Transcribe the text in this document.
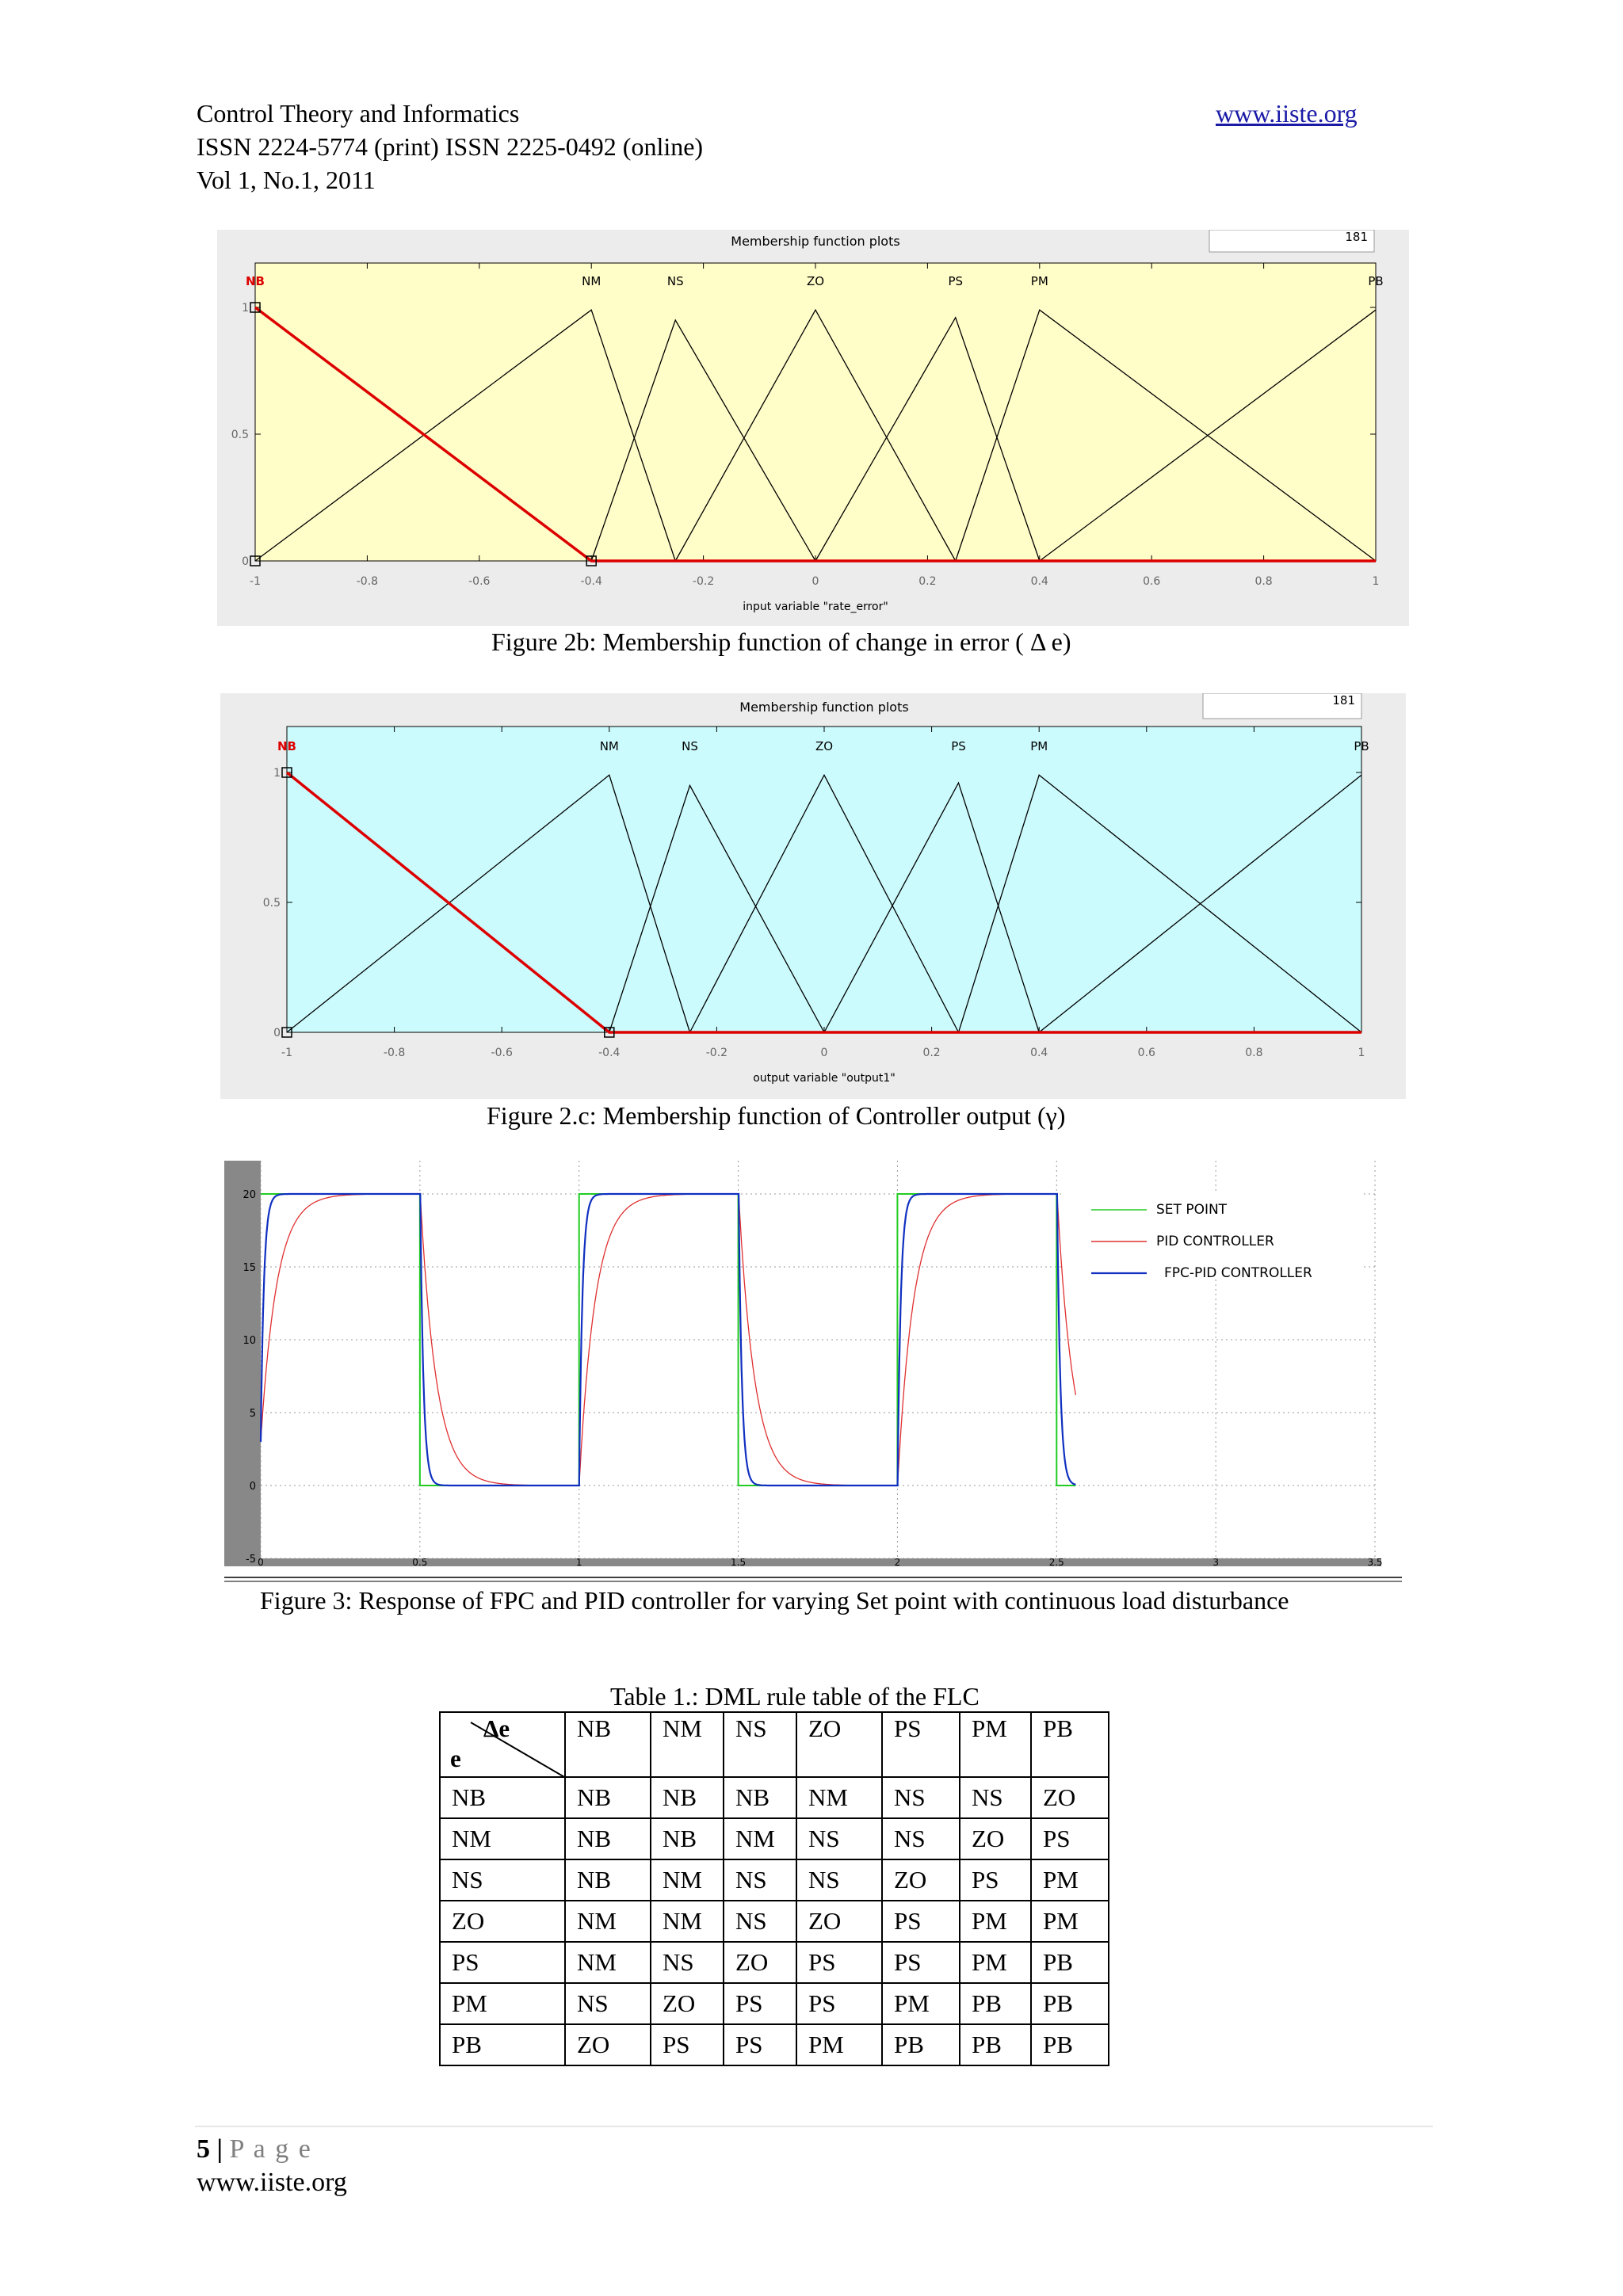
Control Theory and Informatics
ISSN 2224-5774 (print) ISSN 2225-0492 (online)
Vol 1, No.1, 2011
www.iiste.org
Membership function plots	181
-1	-0.8	-0.6	-0.4	-0.2	0	0.2	0.4	0.6	0.8	1
0
0.5
1
NB	NM	NS	ZO	PS	PM	PB
input variable "rate_error"
Figure 2b: Membership function of change in error ( Δ e)
Membership function plots	181
-1	-0.8	-0.6	-0.4	-0.2	0	0.2	0.4	0.6	0.8	1
0
0.5
1
NB	NM	NS	ZO	PS	PM	PB
output variable "output1"
Figure 2.c: Membership function of Controller output (γ)
0	0.5	1	1.5	2	2.5	3	3.5
-5
0
5
10
15
20
SET POINT
PID CONTROLLER
FPC-PID CONTROLLER
Figure 3: Response of FPC and PID controller for varying Set point with continuous load disturbance
Table 1.: DML rule table of the FLC
Δe
e	NB	NM	NS	ZO	PS	PM	PB
NB	NB	NB	NB	NM	NS	NS	ZO
NM	NB	NB	NM	NS	NS	ZO	PS
NS	NB	NM	NS	NS	ZO	PS	PM
ZO	NM	NM	NS	ZO	PS	PM	PM
PS	NM	NS	ZO	PS	PS	PM	PB
PM	NS	ZO	PS	PS	PM	PB	PB
PB	ZO	PS	PS	PM	PB	PB	PB
5 | P a g e
www.iiste.org
